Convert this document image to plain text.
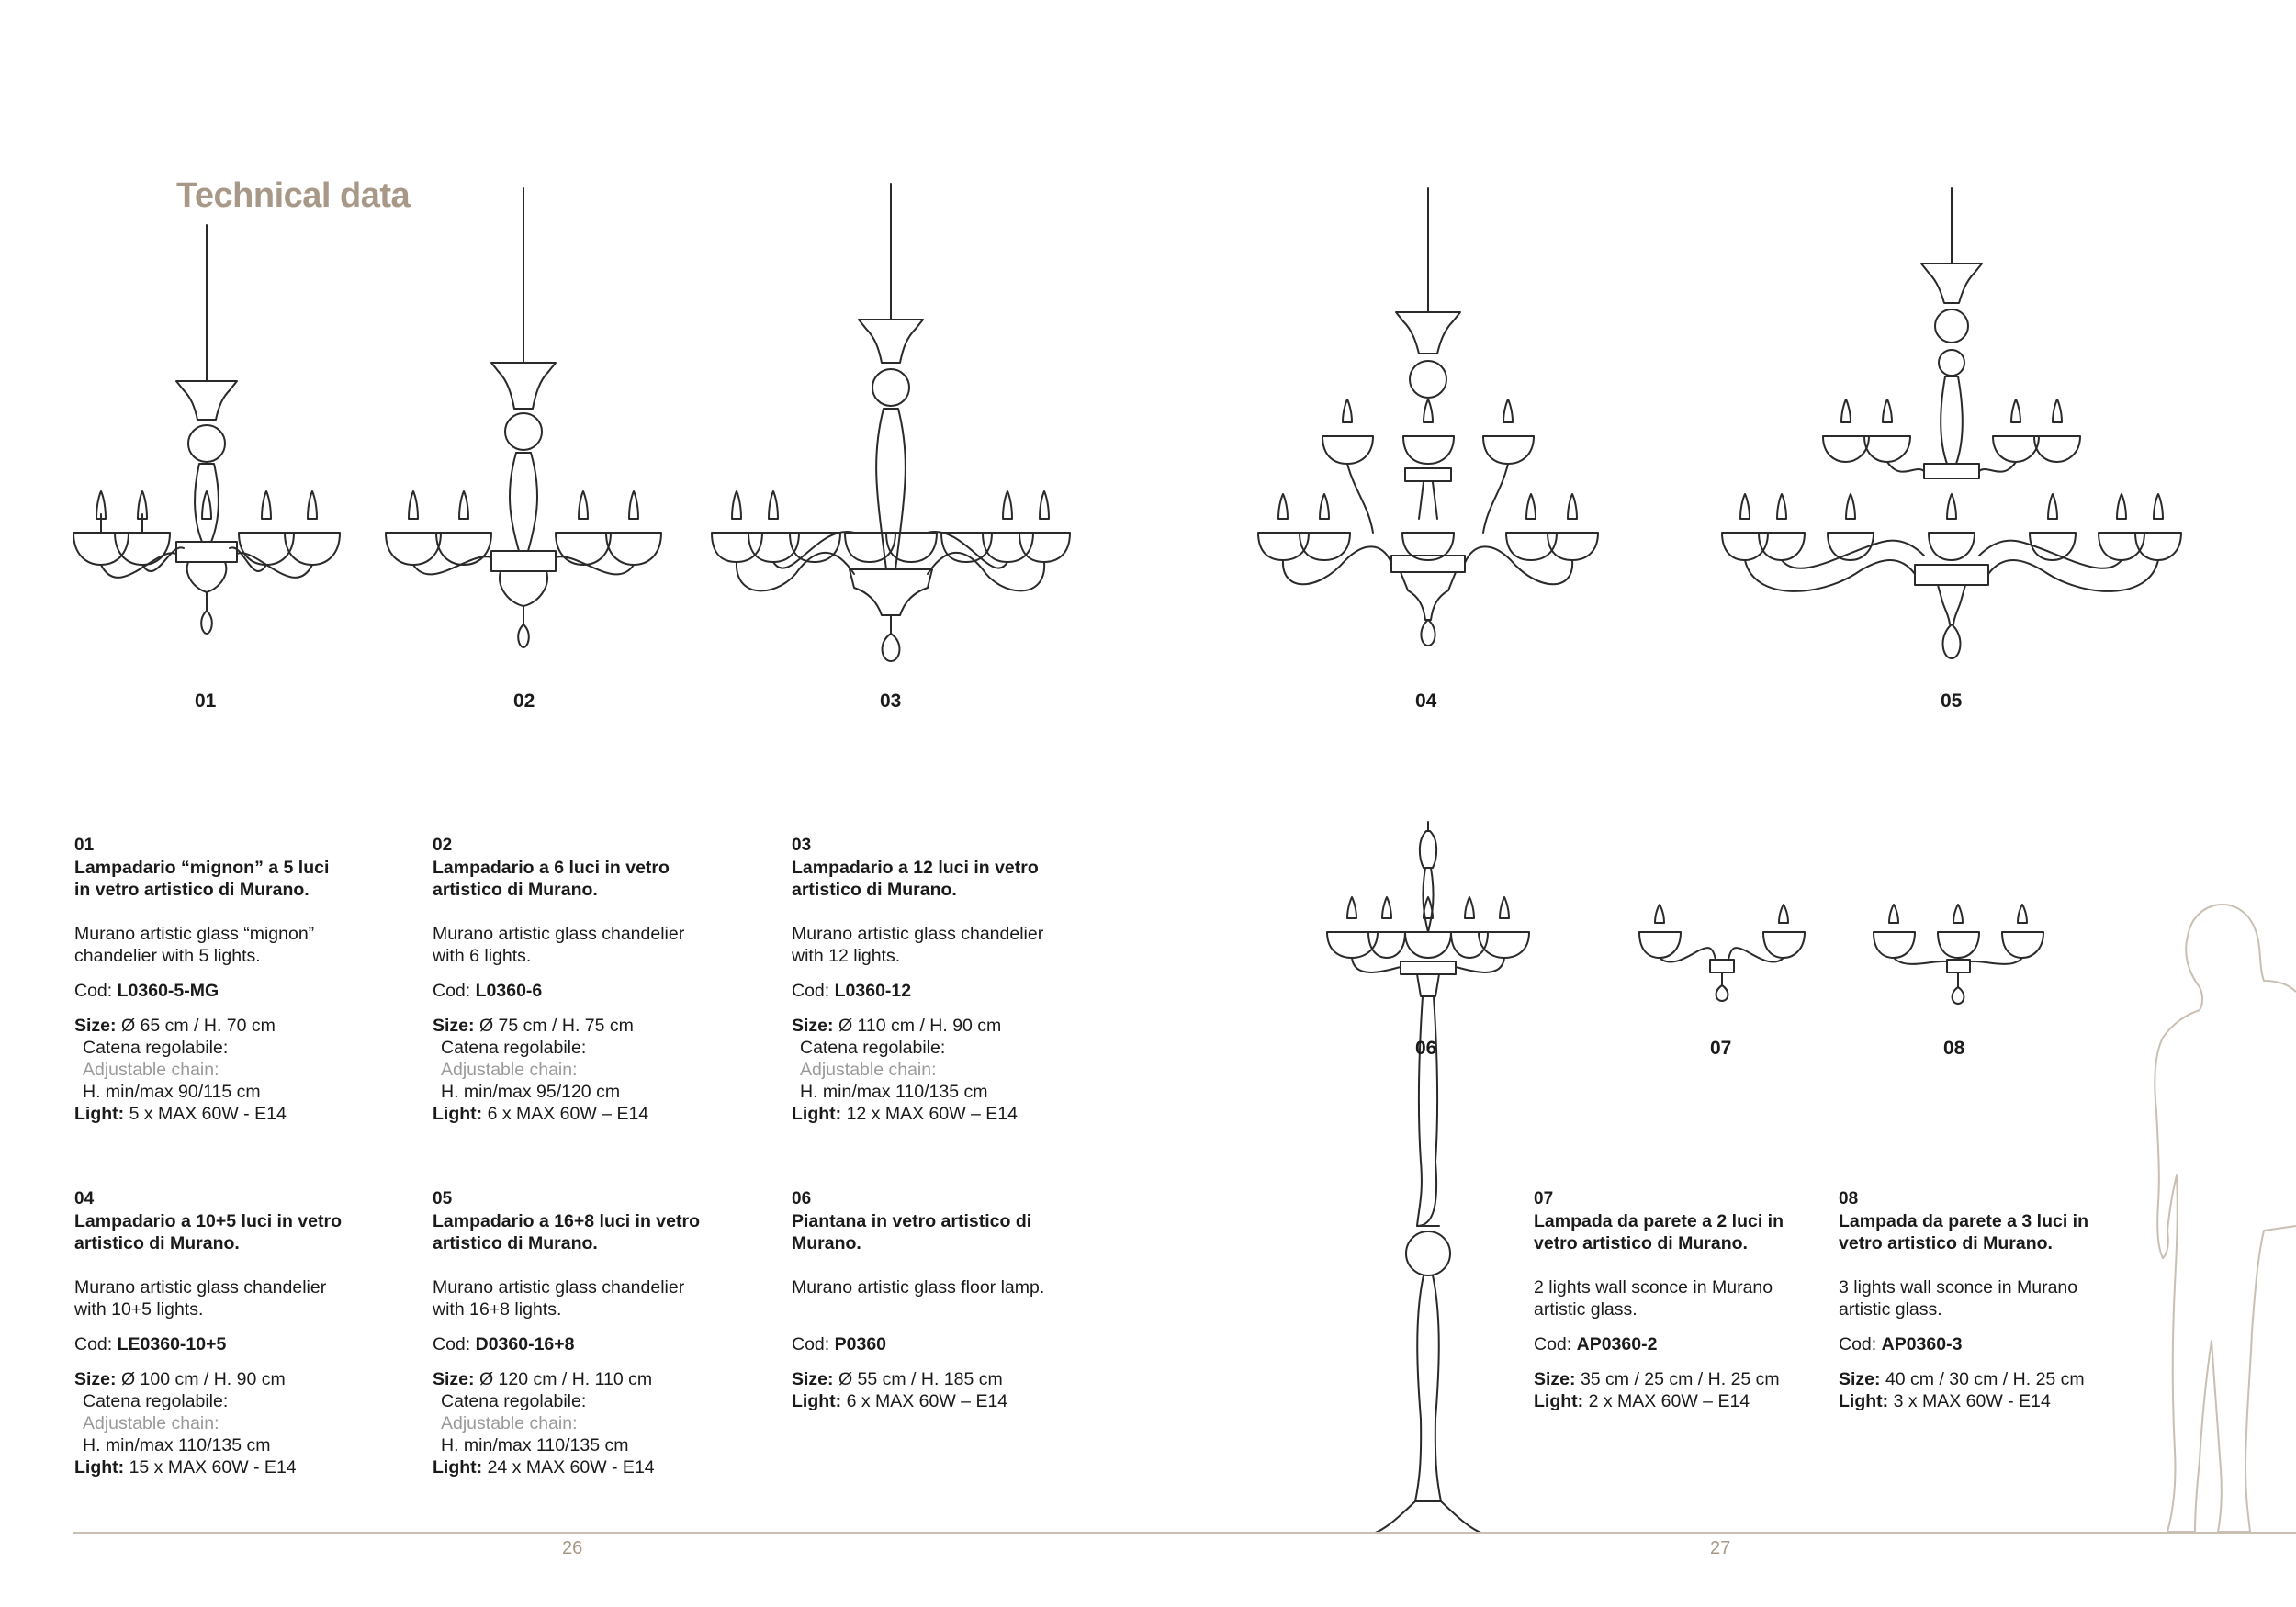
Technical data
01	02	03	04	05
06	07	08
01
Lampadario “mignon” a 5 luci in vetro artistico di Murano.
Murano artistic glass “mignon” chandelier with 5 lights.
Cod: L0360-5-MG
Size: Ø 65 cm / H. 70 cm
Catena regolabile:
Adjustable chain:
H. min/max 90/115 cm
Light: 5 x MAX 60W - E14
02
Lampadario a 6 luci in vetro artistico di Murano.
Murano artistic glass chandelier with 6 lights.
Cod: L0360-6
Size: Ø 75 cm / H. 75 cm
Catena regolabile:
Adjustable chain:
H. min/max 95/120 cm
Light: 6 x MAX 60W – E14
03
Lampadario a 12 luci in vetro artistico di Murano.
Murano artistic glass chandelier with 12 lights.
Cod: L0360-12
Size: Ø 110 cm / H. 90 cm
Catena regolabile:
Adjustable chain:
H. min/max 110/135 cm
Light: 12 x MAX 60W – E14
04
Lampadario a 10+5 luci in vetro artistico di Murano.
Murano artistic glass chandelier with 10+5 lights.
Cod: LE0360-10+5
Size: Ø 100 cm / H. 90 cm
Catena regolabile:
Adjustable chain:
H. min/max 110/135 cm
Light: 15 x MAX 60W - E14
05
Lampadario a 16+8 luci in vetro artistico di Murano.
Murano artistic glass chandelier with 16+8 lights.
Cod: D0360-16+8
Size: Ø 120 cm / H. 110 cm
Catena regolabile:
Adjustable chain:
H. min/max 110/135 cm
Light: 24 x MAX 60W - E14
06
Piantana in vetro artistico di Murano.
Murano artistic glass floor lamp.
Cod: P0360
Size: Ø 55 cm / H. 185 cm
Light: 6 x MAX 60W – E14
07
Lampada da parete a 2 luci in vetro artistico di Murano.
2 lights wall sconce in Murano artistic glass.
Cod: AP0360-2
Size: 35 cm / 25 cm / H. 25 cm
Light: 2 x MAX 60W – E14
08
Lampada da parete a 3 luci in vetro artistico di Murano.
3 lights wall sconce in Murano artistic glass.
Cod: AP0360-3
Size: 40 cm / 30 cm / H. 25 cm
Light: 3 x MAX 60W - E14
26	27
